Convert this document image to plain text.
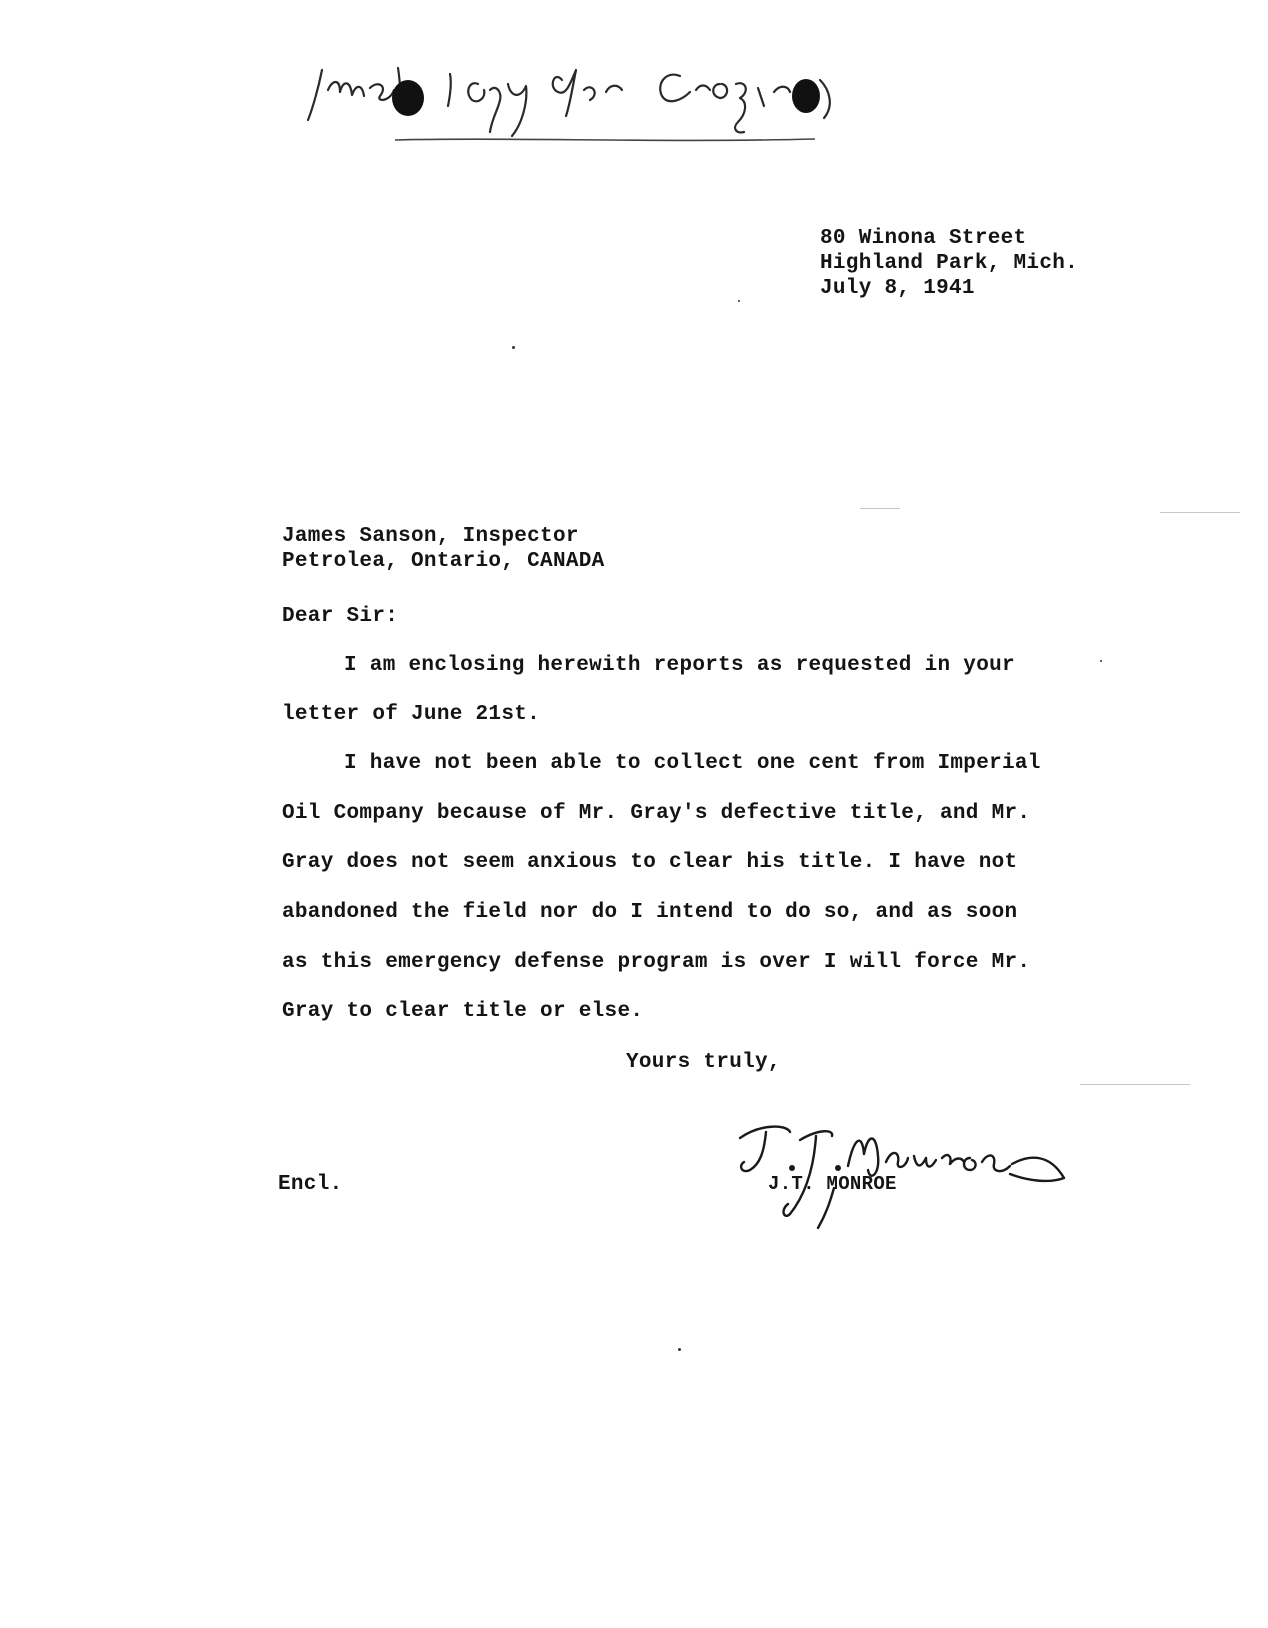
80 Winona Street
Highland Park, Mich.
July 8, 1941
James Sanson, Inspector
Petrolea, Ontario, CANADA
Dear Sir:
I am enclosing herewith reports as requested in your
letter of June 21st.
I have not been able to collect one cent from Imperial
Oil Company because of Mr. Gray's defective title, and Mr.
Gray does not seem anxious to clear his title. I have not
abandoned the field nor do I intend to do so, and as soon
as this emergency defense program is over I will force Mr.
Gray to clear title or else.
Yours truly,
Encl.	J.T. MONROE
